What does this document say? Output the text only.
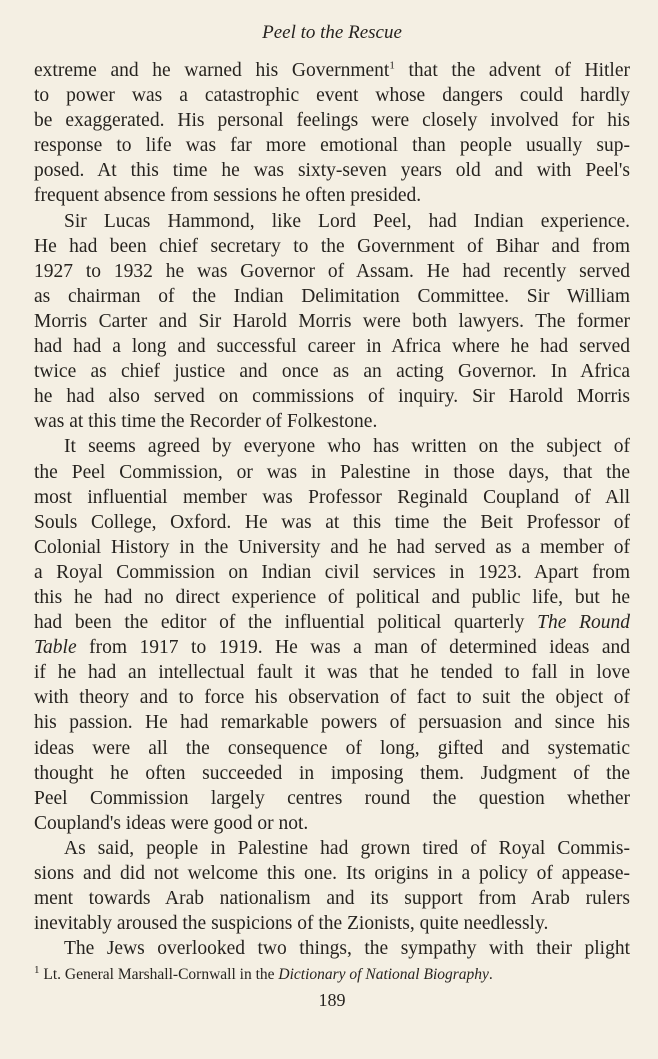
Peel to the Rescue
extreme and he warned his Government$^1$ that the advent of Hitler
to power was a catastrophic event whose dangers could hardly
be exaggerated. His personal feelings were closely involved for his
response to life was far more emotional than people usually sup-
posed. At this time he was sixty-seven years old and with Peel's
frequent absence from sessions he often presided.
Sir Lucas Hammond, like Lord Peel, had Indian experience.
He had been chief secretary to the Government of Bihar and from
1927 to 1932 he was Governor of Assam. He had recently served
as chairman of the Indian Delimitation Committee. Sir William
Morris Carter and Sir Harold Morris were both lawyers. The former
had had a long and successful career in Africa where he had served
twice as chief justice and once as an acting Governor. In Africa
he had also served on commissions of inquiry. Sir Harold Morris
was at this time the Recorder of Folkestone.
It seems agreed by everyone who has written on the subject of
the Peel Commission, or was in Palestine in those days, that the
most influential member was Professor Reginald Coupland of All
Souls College, Oxford. He was at this time the Beit Professor of
Colonial History in the University and he had served as a member of
a Royal Commission on Indian civil services in 1923. Apart from
this he had no direct experience of political and public life, but he
had been the editor of the influential political quarterly The Round
Table from 1917 to 1919. He was a man of determined ideas and
if he had an intellectual fault it was that he tended to fall in love
with theory and to force his observation of fact to suit the object of
his passion. He had remarkable powers of persuasion and since his
ideas were all the consequence of long, gifted and systematic
thought he often succeeded in imposing them. Judgment of the
Peel Commission largely centres round the question whether
Coupland's ideas were good or not.
As said, people in Palestine had grown tired of Royal Commis-
sions and did not welcome this one. Its origins in a policy of appease-
ment towards Arab nationalism and its support from Arab rulers
inevitably aroused the suspicions of the Zionists, quite needlessly.
The Jews overlooked two things, the sympathy with their plight
$^1$ Lt. General Marshall-Cornwall in the Dictionary of National Biography.
189
